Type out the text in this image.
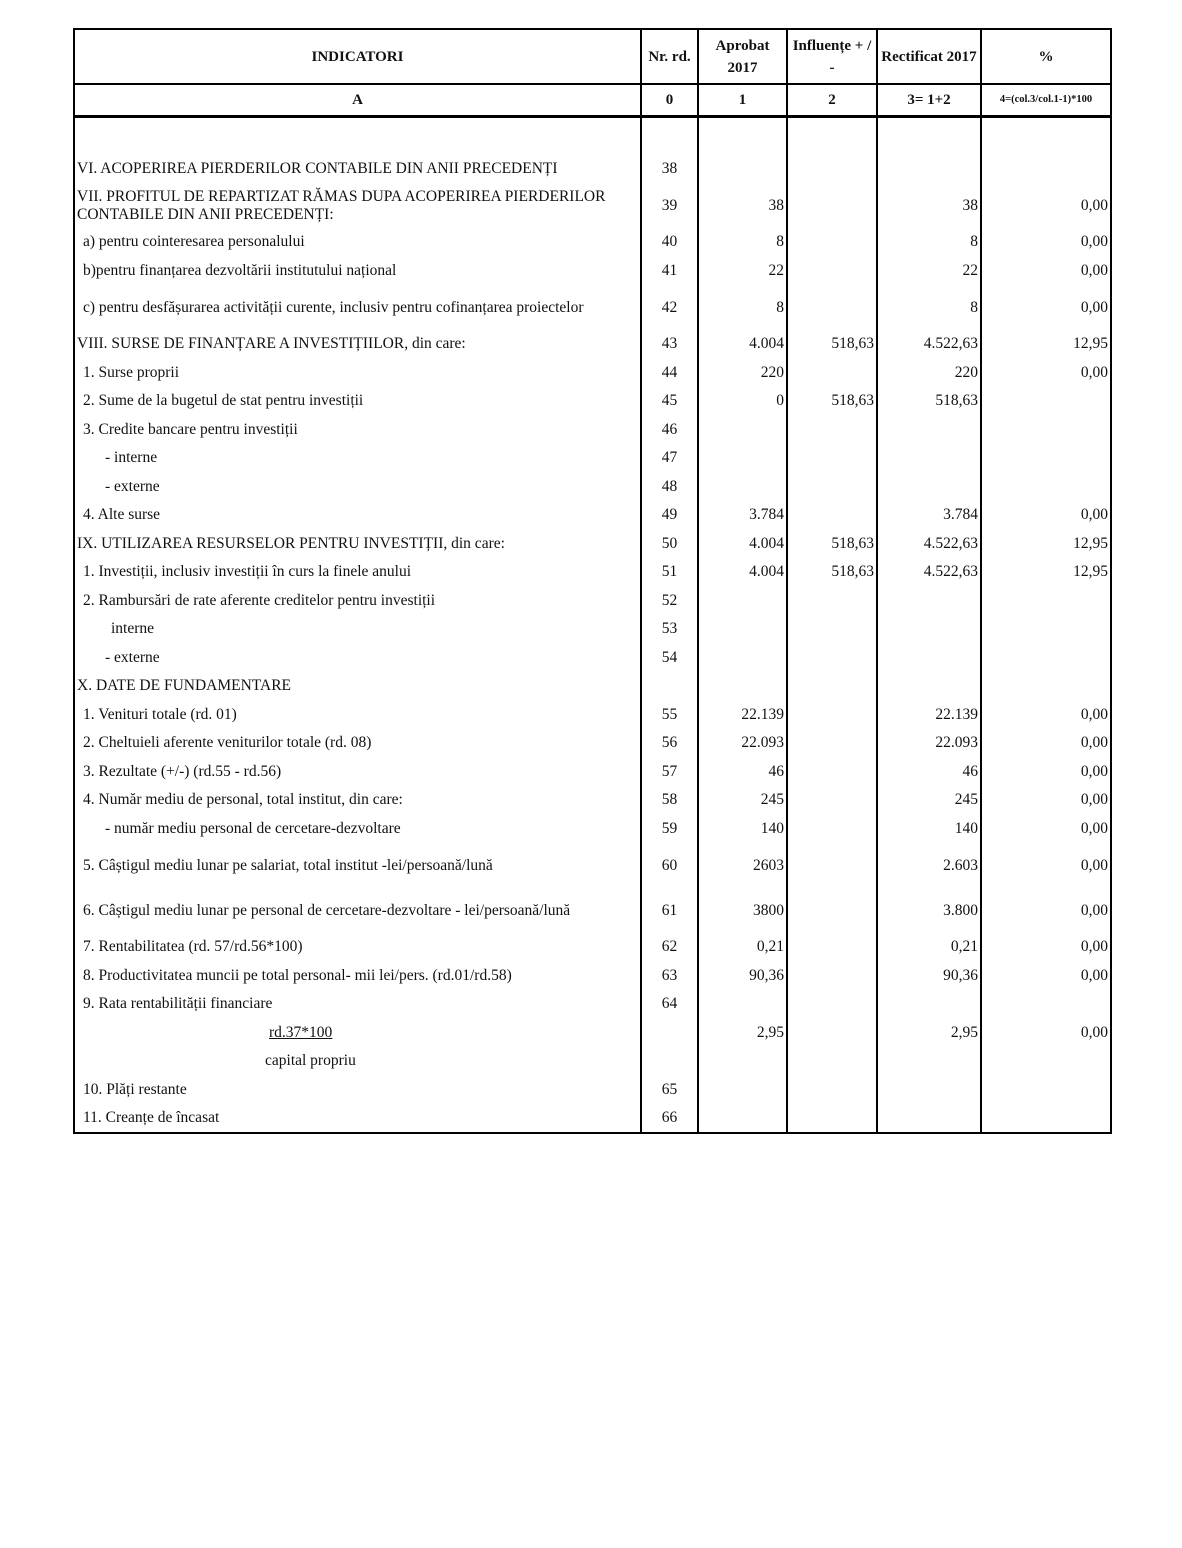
INDICATORI	Nr. rd.	Aprobat 2017	Influențe + / -	Rectificat 2017	%
A	0	1	2	3= 1+2	4=(col.3/col.1-1)*100

VI. ACOPERIREA PIERDERILOR CONTABILE DIN ANII PRECEDENȚI	38				
VII. PROFITUL DE REPARTIZAT RĂMAS DUPA ACOPERIREA PIERDERILOR CONTABILE DIN ANII PRECEDENȚI:	39	38		38	0,00
a) pentru cointeresarea personalului	40	8		8	0,00
b)pentru finanțarea dezvoltării institutului național	41	22		22	0,00
c) pentru desfășurarea activității curente, inclusiv pentru cofinanțarea proiectelor	42	8		8	0,00
VIII. SURSE DE FINANȚARE A INVESTIȚIILOR, din care:	43	4.004	518,63	4.522,63	12,95
1. Surse proprii	44	220		220	0,00
2. Sume de la bugetul de stat pentru investiții	45	0	518,63	518,63	
3. Credite bancare pentru investiții	46				
- interne	47				
- externe	48				
4. Alte surse	49	3.784		3.784	0,00
IX. UTILIZAREA RESURSELOR PENTRU INVESTIȚII, din care:	50	4.004	518,63	4.522,63	12,95
1. Investiții, inclusiv investiții în curs la finele anului	51	4.004	518,63	4.522,63	12,95
2. Rambursări de rate aferente creditelor pentru investiții	52				
interne	53				
- externe	54				
X. DATE DE FUNDAMENTARE					
1. Venituri totale (rd. 01)	55	22.139		22.139	0,00
2. Cheltuieli aferente veniturilor totale (rd. 08)	56	22.093		22.093	0,00
3. Rezultate (+/-) (rd.55 - rd.56)	57	46		46	0,00
4. Număr mediu de personal, total institut, din care:	58	245		245	0,00
- număr mediu personal de cercetare-dezvoltare	59	140		140	0,00
5. Câștigul mediu lunar pe salariat, total institut -lei/persoană/lună	60	2603		2.603	0,00
6. Câștigul mediu lunar pe personal de cercetare-dezvoltare - lei/persoană/lună	61	3800		3.800	0,00
7. Rentabilitatea (rd. 57/rd.56*100)	62	0,21		0,21	0,00
8. Productivitatea muncii pe total personal- mii lei/pers. (rd.01/rd.58)	63	90,36		90,36	0,00
9. Rata rentabilității financiare	64				
rd.37*100		2,95		2,95	0,00
capital propriu					
10. Plăți restante	65				
11. Creanțe de încasat	66				
